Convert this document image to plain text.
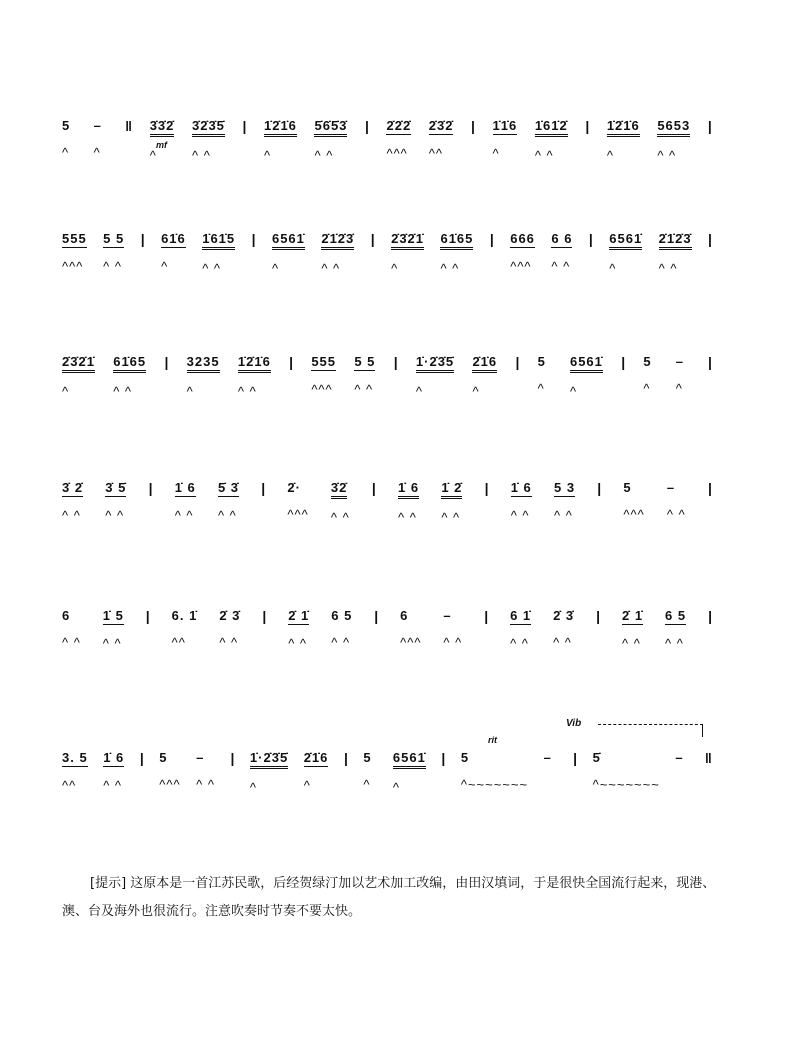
5
^
–
^
‖ 3̇3̇2̇
^
3̇2̇3̇5̇
^ ^
| 1̇2̇1̇6
^
5̇6̇5̇3̇
^ ^
| 2̇2̇2̇
^^^
2̇3̇2̇
^^
| 1̇1̇6
^
1̇61̇2̇
^ ^
| 1̇2̇1̇6
^
5653
^ ^
|
555
^^^
5 5
^ ^
| 61̇6
^
1̇61̇5
^ ^
| 6561̇
^
2̇1̇2̇3̇
^ ^
| 2̇3̇2̇1̇
^
61̇65
^ ^
| 666
^^^
6 6
^ ^
| 6561̇
^
2̇1̇2̇3̇
^ ^
|
2̇3̇2̇1̇
^
61̇65
^ ^
| 3235
^
1̇2̇1̇6
^ ^
| 555
^^^
5 5
^ ^
| 1̇·2̇3̇5̇
^
2̇1̇6
^
| 5
^
6561̇
^
| 5
^
–
^
|
3̇ 2̇
^ ^
3̇ 5̇
^ ^
| 1̇ 6
^ ^
5̇ 3̇
^ ^
| 2̇·
^^^
3̇2̇
^ ^
| 1̇ 6
^ ^
1̇ 2̇
^ ^
| 1̇ 6
^ ^
5 3
^ ^
| 5
^^^
–
^ ^
|
6
^ ^
1̇ 5
^ ^
| 6. 1̇
^^
2̇ 3̇
^ ^
| 2̇ 1̇
^ ^
6 5
^ ^
| 6
^^^
–
^ ^
| 6 1̇
^ ^
2̇ 3̇
^ ^
| 2̇ 1̇
^ ^
6 5
^ ^
|
3. 5
^^
1̇ 6
^ ^
| 5
^^^
–
^ ^
| 1̇·2̇3̇5̇
^
2̇1̇6
^
| 5
^
6561̇
^
| 5
^~~~~~~~
–
| 5̇
^~~~~~~~
–
‖
mf
rit
Vib
[提示] 这原本是一首江苏民歌，后经贺绿汀加以艺术加工改编，由田汉填词，于是很快全国流行起来，现港、澳、台及海外也很流行。注意吹奏时节奏不要太快。
